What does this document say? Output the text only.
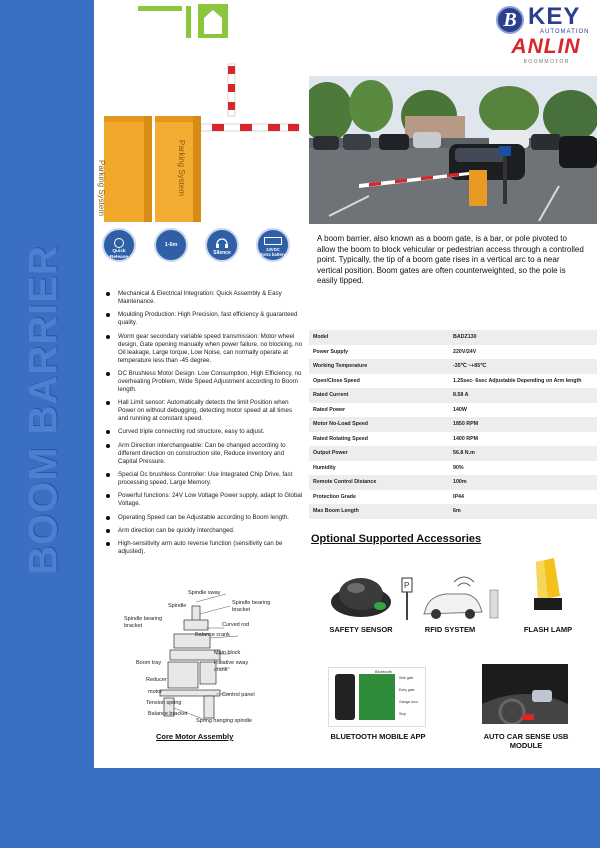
B KEY
AUTOMATION
ANLIN
B O O M M O T O R
Parking System	Parking System
Quick
Release
1-6m
Silence
24VDC
Extra battery
A boom barrier, also known as a boom gate, is a bar, or pole pivoted to allow the boom to block vehicular or pedestrian access through a controlled point. Typically, the tip of a boom gate rises in a vertical arc to a near vertical position. Boom gates are often counterweighted, so the pole is easily tipped.
BOOM BARRIER	Mechanical & Electrical Integration: Quick Assembly & Easy Maintenance.
Moulding Production: High Precision, fast efficiency & guaranteed quality.
Worm gear secondary variable speed transmission: Motor wheel design, Gate opening manually when power failure, no blocking, no Oil leakage, Large torque, Low Noise, can normally operate at temperature less than -45 degree.
DC Brushless Motor Design: Low Consumption, High Efficiency, no overheating Problem, Wide Speed Adjustment according to Boom length.
Hall Limit sensor: Automatically detects the limit Position when Power on without debugging, detecting motor speed at all times and running at constant speed.
Curved triple connecting rod structure, easy to adjust.
Arm Direction interchangeable: Can be changed according to different direction on construction site, Reduce inventory and Capital Pressure.
Special Dc brushless Controller: Use Integrated Chip Drive, fast processing speed, Large Memory.
Powerful functions: 24V Low Voltage Power supply, adapt to Global Voltage.
Operating Speed can be Adjustable according to Boom length.
Arm direction can be quickly interchanged.
High-sensitivity arm auto reverse function (sensitivity can be adjusted).
Model	BADZ130
Power Supply	220V/24V
Working Temperature	-35℃ ~+85℃
Open/Close Speed	1.25sec- 6sec Adjustable Depending on Arm length
Rated Current	8.58 A
Rated Power	140W
Motor No-Load Speed	1850 RPM
Rated Rotating Speed	1400 RPM
Output Power	56.8 N.m
Humidity	90%
Remote Control Distance	100m
Protection Grade	IP44
Max Boom Length	6m
Optional Supported Accessories
SAFETY SENSOR
P
RFID SYSTEM	FLASH LAMP
Bluetooth
Side gate
Entry gate
Garage door
Stop
BLUETOOTH MOBILE APP	AUTO CAR SENSE USB MODULE
Spindle sway
Spindle
Spindle bearing bracket
Spindle bearing bracket
Curved rod
Balance crank
Main block
Boom tray	Initiative sway crank
Reducer
motor	Control panel
Tension spring
Balance bracket
Spring hanging spindle
Core Motor Assembly
